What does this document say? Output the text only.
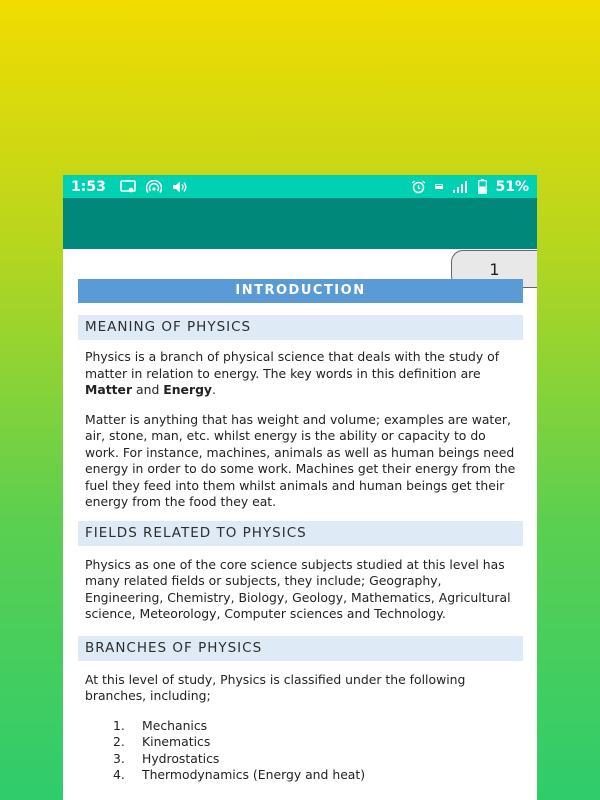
1:53	51%
1
INTRODUCTION
MEANING OF PHYSICS

Physics is a branch of physical science that deals with the study of matter in relation to energy. The key words in this definition are Matter and Energy.

Matter is anything that has weight and volume; examples are water, air, stone, man, etc. whilst energy is the ability or capacity to do work. For instance, machines, animals as well as human beings need energy in order to do some work. Machines get their energy from the fuel they feed into them whilst animals and human beings get their energy from the food they eat.

FIELDS RELATED TO PHYSICS

Physics as one of the core science subjects studied at this level has many related fields or subjects, they include; Geography, Engineering, Chemistry, Biology, Geology, Mathematics, Agricultural science, Meteorology, Computer sciences and Technology.

BRANCHES OF PHYSICS

At this level of study, Physics is classified under the following branches, including;

1.	Mechanics
2.	Kinematics
3.	Hydrostatics
4.	Thermodynamics (Energy and heat)
